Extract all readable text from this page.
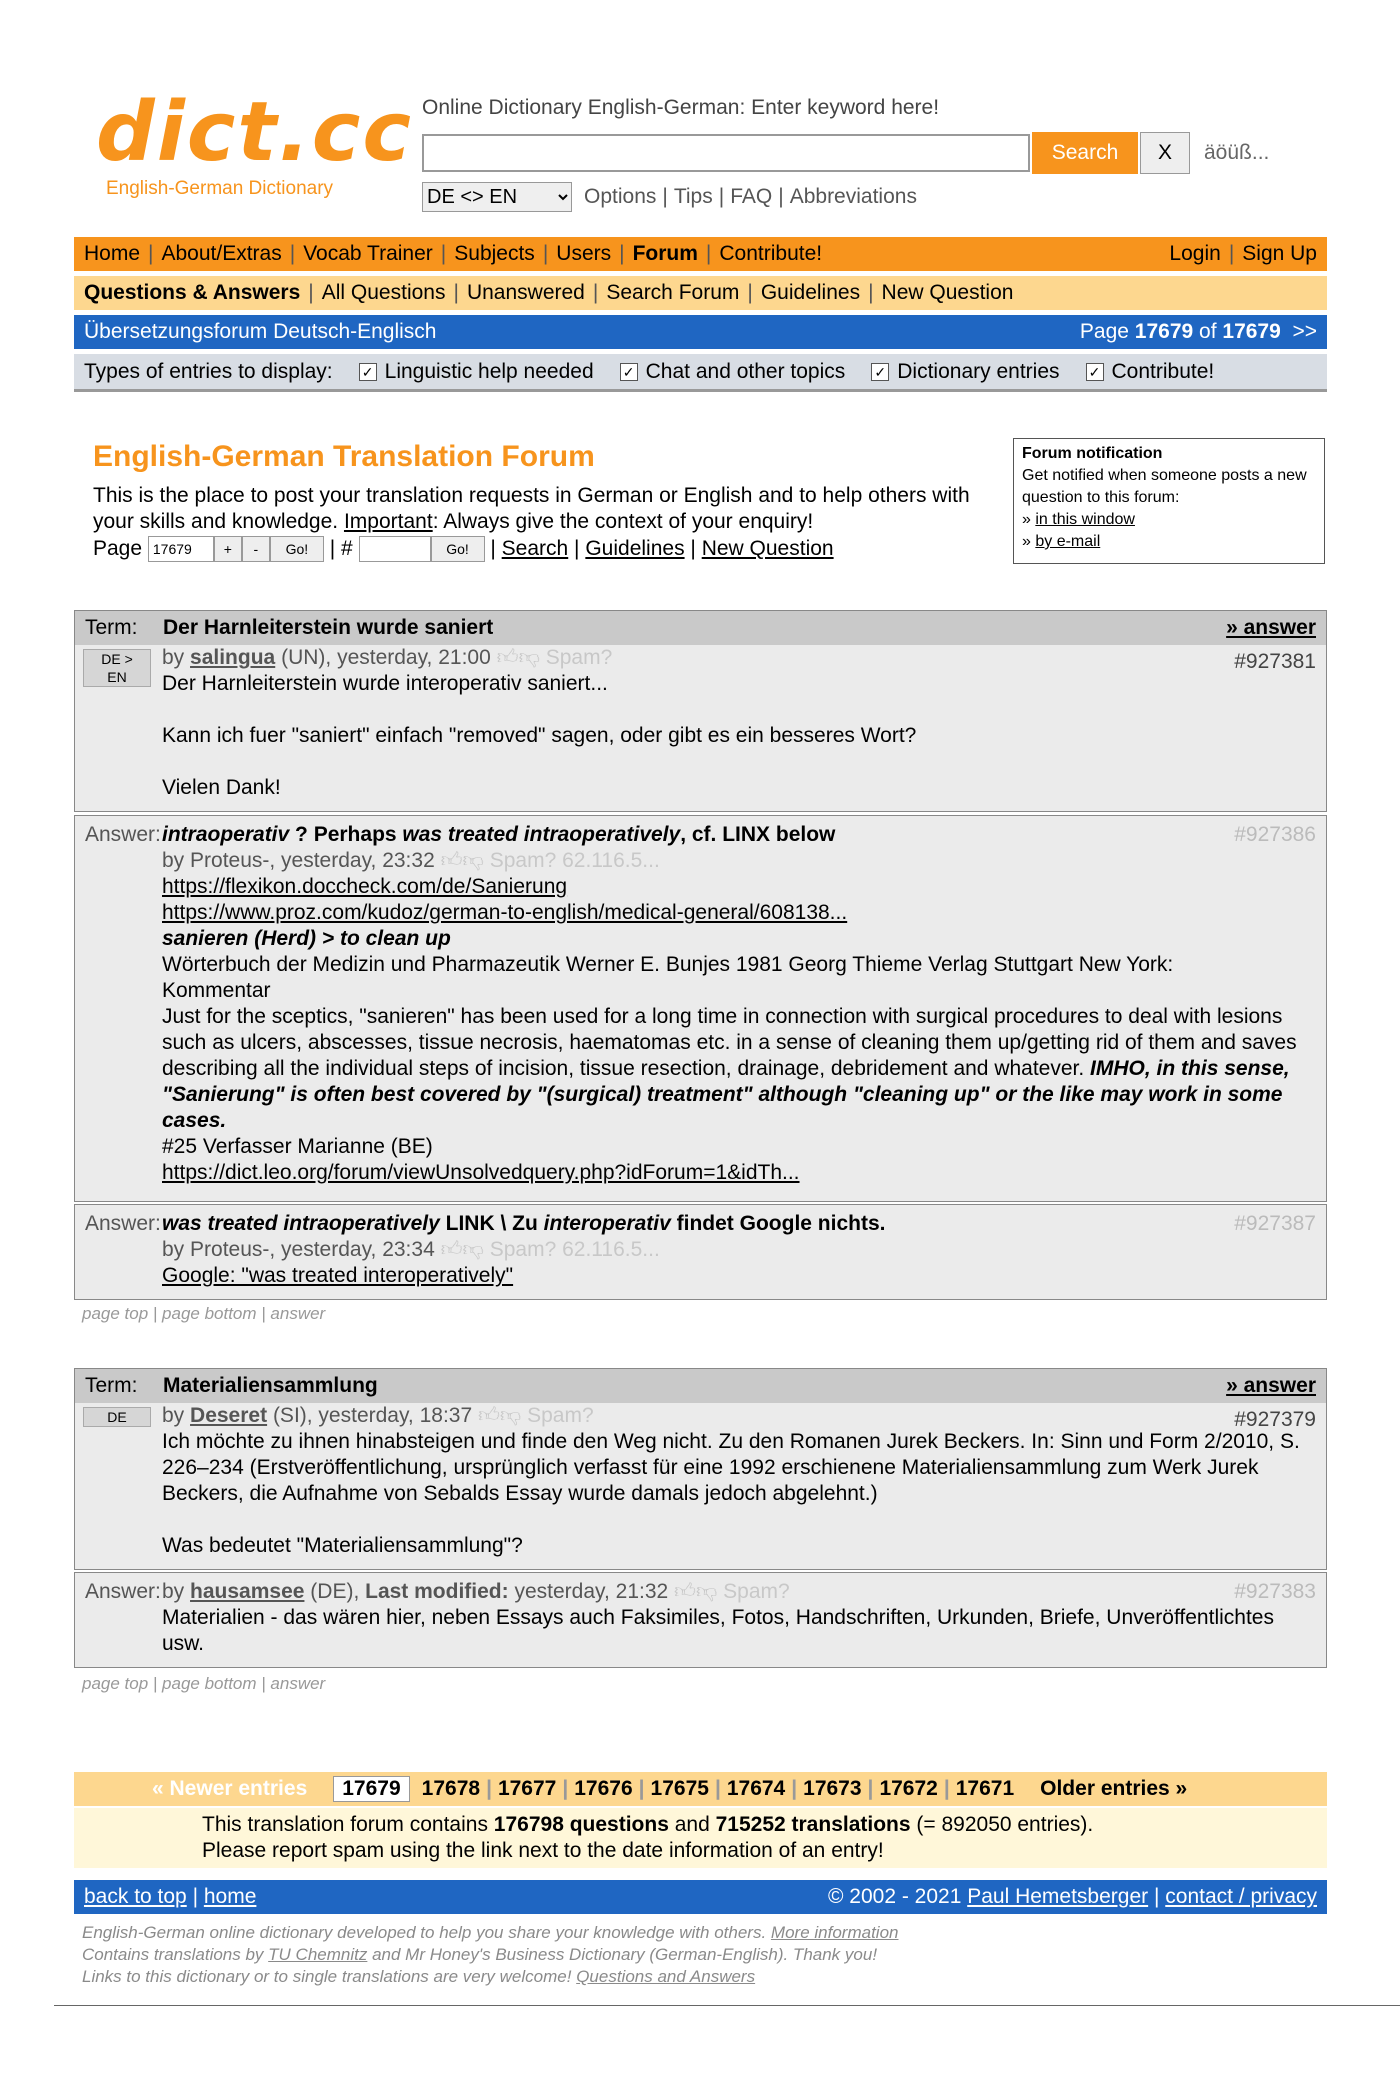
dict.cc
English-German Dictionary
Online Dictionary English-German: Enter keyword here!
Search	X	äöüß...
DE <> EN
Options | Tips | FAQ | Abbreviations
Home | About/Extras | Vocab Trainer | Subjects | Users | Forum | Contribute!	Login | Sign Up
Questions & Answers | All Questions | Unanswered | Search Forum | Guidelines | New Question
Übersetzungsforum Deutsch-Englisch	Page
17679
of
17679
>>
Types of entries to display: ✓ Linguistic help needed ✓ Chat and other topics ✓ Dictionary entries ✓ Contribute!
English-German Translation Forum
This is the place to post your translation requests in German or English and to help others with your skills and knowledge. Important: Always give the context of your enquiry!
Page

17679	+	-	Go!
	| #
	Go! | Search | Guidelines | New Question
Forum notification
Get notified when someone posts a new question to this forum:
» in this window
» by e-mail
Term:	Der Harnleiterstein wurde saniert	» answer
DE >
EN
#927381
by salingua (UN), yesterday, 21:00 👍︎👎︎ Spam?
Der Harnleiterstein wurde interoperativ saniert...
Kann ich fuer "saniert" einfach "removed" sagen, oder gibt es ein besseres Wort?
Vielen Dank!
Answer:	#927386
intraoperativ ? Perhaps was treated intraoperatively, cf. LINX below
by Proteus-, yesterday, 23:32 👍︎👎︎ Spam? 62.116.5...
https://flexikon.doccheck.com/de/Sanierung
https://www.proz.com/kudoz/german-to-english/medical-general/608138...
sanieren (Herd) > to clean up
Wörterbuch der Medizin und Pharmazeutik Werner E. Bunjes 1981 Georg Thieme Verlag Stuttgart New York:
Kommentar
Just for the sceptics, "sanieren" has been used for a long time in connection with surgical procedures to deal with lesions such as ulcers, abscesses, tissue necrosis, haematomas etc. in a sense of cleaning them up/getting rid of them and saves describing all the individual steps of incision, tissue resection, drainage, debridement and whatever. IMHO, in this sense, "Sanierung" is often best covered by "(surgical) treatment" although "cleaning up" or the like may work in some cases.
#25 Verfasser Marianne (BE)
https://dict.leo.org/forum/viewUnsolvedquery.php?idForum=1&idTh...
Answer:	#927387
was treated intraoperatively LINK \ Zu interoperativ findet Google nichts.
by Proteus-, yesterday, 23:34 👍︎👎︎ Spam? 62.116.5...
Google: "was treated interoperatively"
page top | page bottom | answer
Term:	Materialiensammlung	» answer
DE	#927379
by Deseret (SI), yesterday, 18:37 👍︎👎︎ Spam?
Ich möchte zu ihnen hinabsteigen und finde den Weg nicht. Zu den Romanen Jurek Beckers. In: Sinn und Form 2/2010, S. 226–234 (Erstveröffentlichung, ursprünglich verfasst für eine 1992 erschienene Materialiensammlung zum Werk Jurek Beckers, die Aufnahme von Sebalds Essay wurde damals jedoch abgelehnt.)
Was bedeutet "Materialiensammlung"?
Answer:	#927383
by hausamsee (DE), Last modified: yesterday, 21:32 👍︎👎︎ Spam?
Materialien - das wären hier, neben Essays auch Faksimiles, Fotos, Handschriften, Urkunden, Briefe, Unveröffentlichtes usw.
page top | page bottom | answer
« Newer entries	17679	17678 | 17677 | 17676 | 17675 | 17674 | 17673 | 17672 | 17671 Older entries »
This translation forum contains 176798 questions and 715252 translations (= 892050 entries).
Please report spam using the link next to the date information of an entry!
back to top | home	© 2002 - 2021
Paul Hemetsberger | contact / privacy
English-German online dictionary developed to help you share your knowledge with others. More information
Contains translations by TU Chemnitz and Mr Honey's Business Dictionary (German-English). Thank you!
Links to this dictionary or to single translations are very welcome! Questions and Answers
